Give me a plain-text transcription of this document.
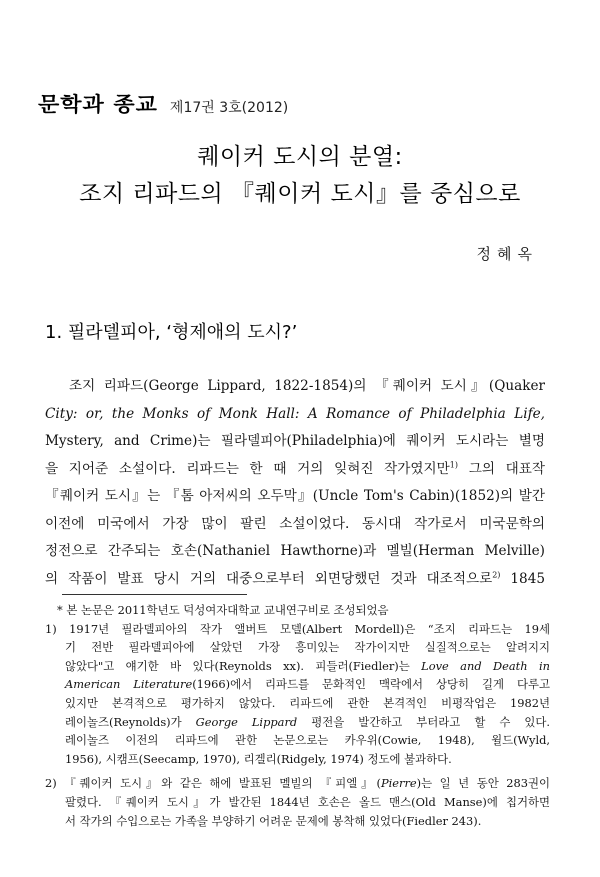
문학과 종교 제17권 3호(2012)
퀘이커 도시의 분열:
조지 리파드의 『퀘이커 도시』를 중심으로
정혜옥
1. 필라델피아, ‘형제애의 도시?’
조지 리파드(George Lippard, 1822-1854)의 『퀘이커 도시』(Quaker
City: or, the Monks of Monk Hall: A Romance of Philadelphia Life,
Mystery, and Crime)는 필라델피아(Philadelphia)에 퀘이커 도시라는 별명
을 지어준 소설이다. 리파드는 한 때 거의 잊혀진 작가였지만$^{1)}$ 그의 대표작
『퀘이커 도시』는 『톰 아저씨의 오두막』(Uncle Tom's Cabin)(1852)의 발간
이전에 미국에서 가장 많이 팔린 소설이었다. 동시대 작가로서 미국문학의
정전으로 간주되는 호손(Nathaniel Hawthorne)과 멜빌(Herman Melville)
의 작품이 발표 당시 거의 대중으로부터 외면당했던 것과 대조적으로$^{2)}$ 1845
* 본 논문은 2011학년도 덕성여자대학교 교내연구비로 조성되었음
1) 1917년 필라델피아의 작가 앨버트 모델(Albert Mordell)은 “조지 리파드는 19세
기 전반 필라델피아에 살았던 가장 흥미있는 작가이지만 실질적으로는 알려지지
않았다"고 얘기한 바 있다(Reynolds xx). 피들러(Fiedler)는 Love and Death in
American Literature(1966)에서 리파드를 문화적인 맥락에서 상당히 길게 다루고
있지만 본격적으로 평가하지 않았다. 리파드에 관한 본격적인 비평작업은 1982년
레이놀즈(Reynolds)가 George Lippard 평전을 발간하고 부터라고 할 수 있다.
레이놀즈 이전의 리파드에 관한 논문으로는 카우위(Cowie, 1948), 윌드(Wyld,
1956), 시캠프(Seecamp, 1970), 리겔리(Ridgely, 1974) 정도에 불과하다.
2) 『퀘이커 도시』와 같은 해에 발표된 멜빌의 『피엘』(Pierre)는 일 년 동안 283권이
팔렸다. 『퀘이커 도시』가 발간된 1844년 호손은 올드 맨스(Old Manse)에 칩거하면
서 작가의 수입으로는 가족을 부양하기 어려운 문제에 봉착해 있었다(Fiedler 243).
